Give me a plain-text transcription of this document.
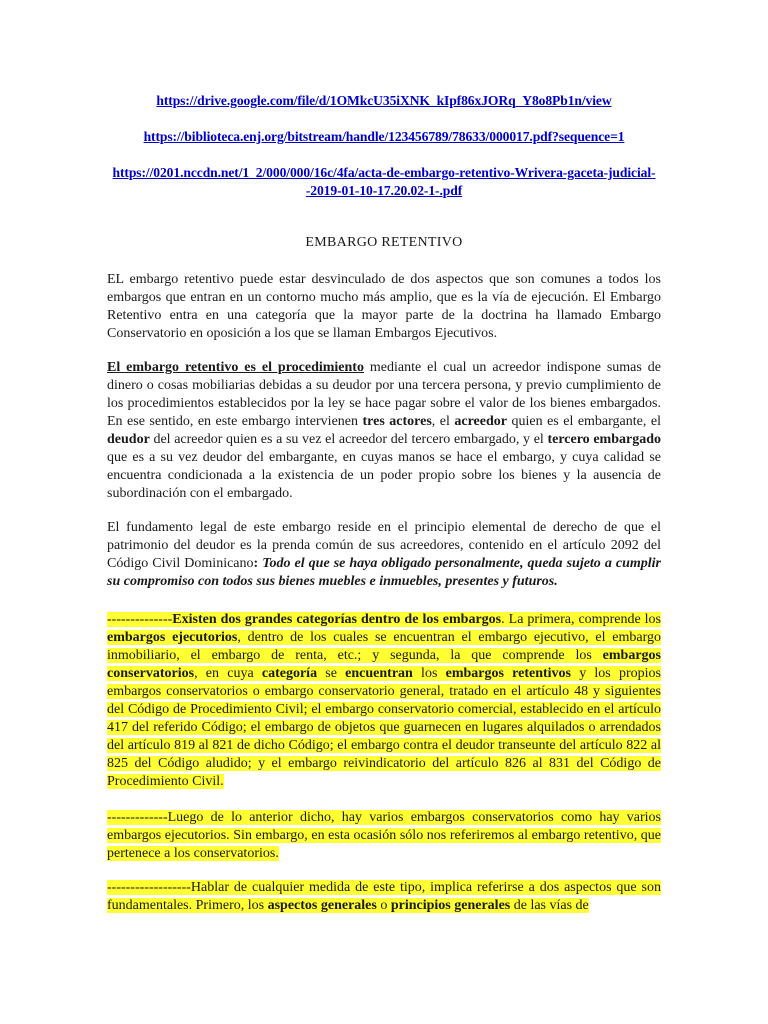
https://drive.google.com/file/d/1OMkcU35iXNK_kIpf86xJORq_Y8o8Pb1n/view
https://biblioteca.enj.org/bitstream/handle/123456789/78633/000017.pdf?sequence=1
https://0201.nccdn.net/1_2/000/000/16c/4fa/acta-de-embargo-retentivo-Wrivera-gaceta-judicial--2019-01-10-17.20.02-1-.pdf
EMBARGO RETENTIVO

EL embargo retentivo puede estar desvinculado de dos aspectos que son comunes a todos los embargos que entran en un contorno mucho más amplio, que es la vía de ejecución. El Embargo Retentivo entra en una categoría que la mayor parte de la doctrina ha llamado Embargo Conservatorio en oposición a los que se llaman Embargos Ejecutivos.

El embargo retentivo es el procedimiento mediante el cual un acreedor indispone sumas de dinero o cosas mobiliarias debidas a su deudor por una tercera persona, y previo cumplimiento de los procedimientos establecidos por la ley se hace pagar sobre el valor de los bienes embargados. En ese sentido, en este embargo intervienen tres actores, el acreedor quien es el embargante, el deudor del acreedor quien es a su vez el acreedor del tercero embargado, y el tercero embargado que es a su vez deudor del embargante, en cuyas manos se hace el embargo, y cuya calidad se encuentra condicionada a la existencia de un poder propio sobre los bienes y la ausencia de subordinación con el embargado.

El fundamento legal de este embargo reside en el principio elemental de derecho de que el patrimonio del deudor es la prenda común de sus acreedores, contenido en el artículo 2092 del Código Civil Dominicano: Todo el que se haya obligado personalmente, queda sujeto a cumplir su compromiso con todos sus bienes muebles e inmuebles, presentes y futuros.

--------------Existen dos grandes categorías dentro de los embargos. La primera, comprende los embargos ejecutorios, dentro de los cuales se encuentran el embargo ejecutivo, el embargo inmobiliario, el embargo de renta, etc.; y segunda, la que comprende los embargos conservatorios, en cuya categoría se encuentran los embargos retentivos y los propios embargos conservatorios o embargo conservatorio general, tratado en el artículo 48 y siguientes del Código de Procedimiento Civil; el embargo conservatorio comercial, establecido en el artículo 417 del referido Código; el embargo de objetos que guarnecen en lugares alquilados o arrendados del artículo 819 al 821 de dicho Código; el embargo contra el deudor transeunte del artículo 822 al 825 del Código aludido; y el embargo reivindicatorio del artículo 826 al 831 del Código de Procedimiento Civil.

-------------Luego de lo anterior dicho, hay varios embargos conservatorios como hay varios embargos ejecutorios. Sin embargo, en esta ocasión sólo nos referiremos al embargo retentivo, que pertenece a los conservatorios.

------------------Hablar de cualquier medida de este tipo, implica referirse a dos aspectos que son fundamentales. Primero, los aspectos generales o principios generales de las vías de
